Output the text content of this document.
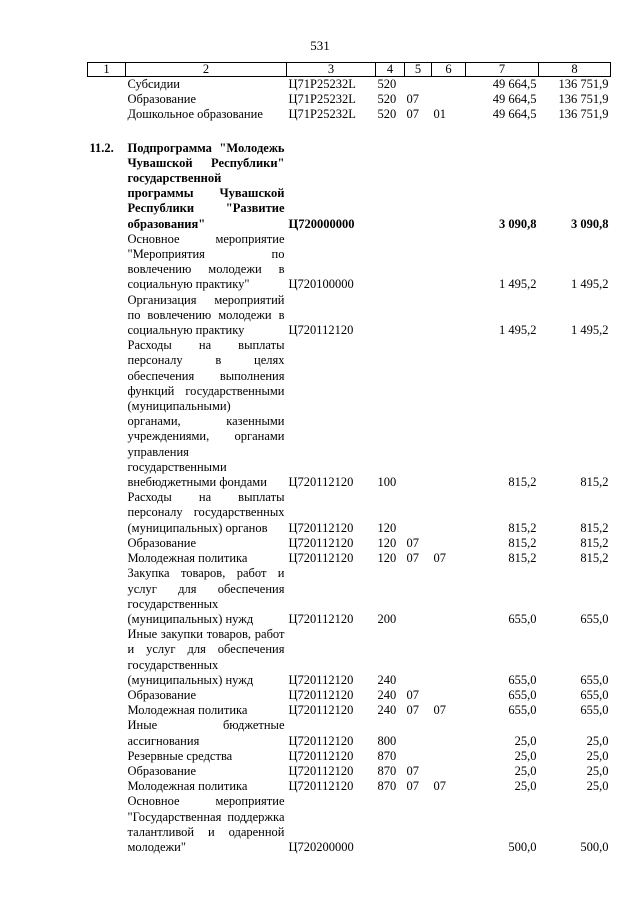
531
1	2	3	4	5	6	7	8
	Субсидии	Ц71Р25232L	520			49 664,5	136 751,9
	Образование	Ц71Р25232L	520	07		49 664,5	136 751,9
	Дошкольное образование	Ц71Р25232L	520	07	01	49 664,5	136 751,9

11.2.	Подпрограмма "Молодежь Чувашской Республики" государственной программы Чувашской Республики "Развитие образования"	Ц720000000				3 090,8	3 090,8
	Основное мероприятие "Мероприятия по вовлечению молодежи в социальную практику"	Ц720100000				1 495,2	1 495,2
	Организация мероприятий по вовлечению молодежи в социальную практику	Ц720112120				1 495,2	1 495,2
	Расходы на выплаты персоналу в целях обеспечения выполнения функций государственными (муниципальными) органами, казенными учреждениями, органами управления государственными внебюджетными фондами	Ц720112120	100			815,2	815,2
	Расходы на выплаты персоналу государственных (муниципальных) органов	Ц720112120	120			815,2	815,2
	Образование	Ц720112120	120	07		815,2	815,2
	Молодежная политика	Ц720112120	120	07	07	815,2	815,2
	Закупка товаров, работ и услуг для обеспечения государственных (муниципальных) нужд	Ц720112120	200			655,0	655,0
	Иные закупки товаров, работ и услуг для обеспечения государственных (муниципальных) нужд	Ц720112120	240			655,0	655,0
	Образование	Ц720112120	240	07		655,0	655,0
	Молодежная политика	Ц720112120	240	07	07	655,0	655,0
	Иные бюджетные ассигнования	Ц720112120	800			25,0	25,0
	Резервные средства	Ц720112120	870			25,0	25,0
	Образование	Ц720112120	870	07		25,0	25,0
	Молодежная политика	Ц720112120	870	07	07	25,0	25,0
	Основное мероприятие "Государственная поддержка талантливой и одаренной молодежи"	Ц720200000				500,0	500,0
